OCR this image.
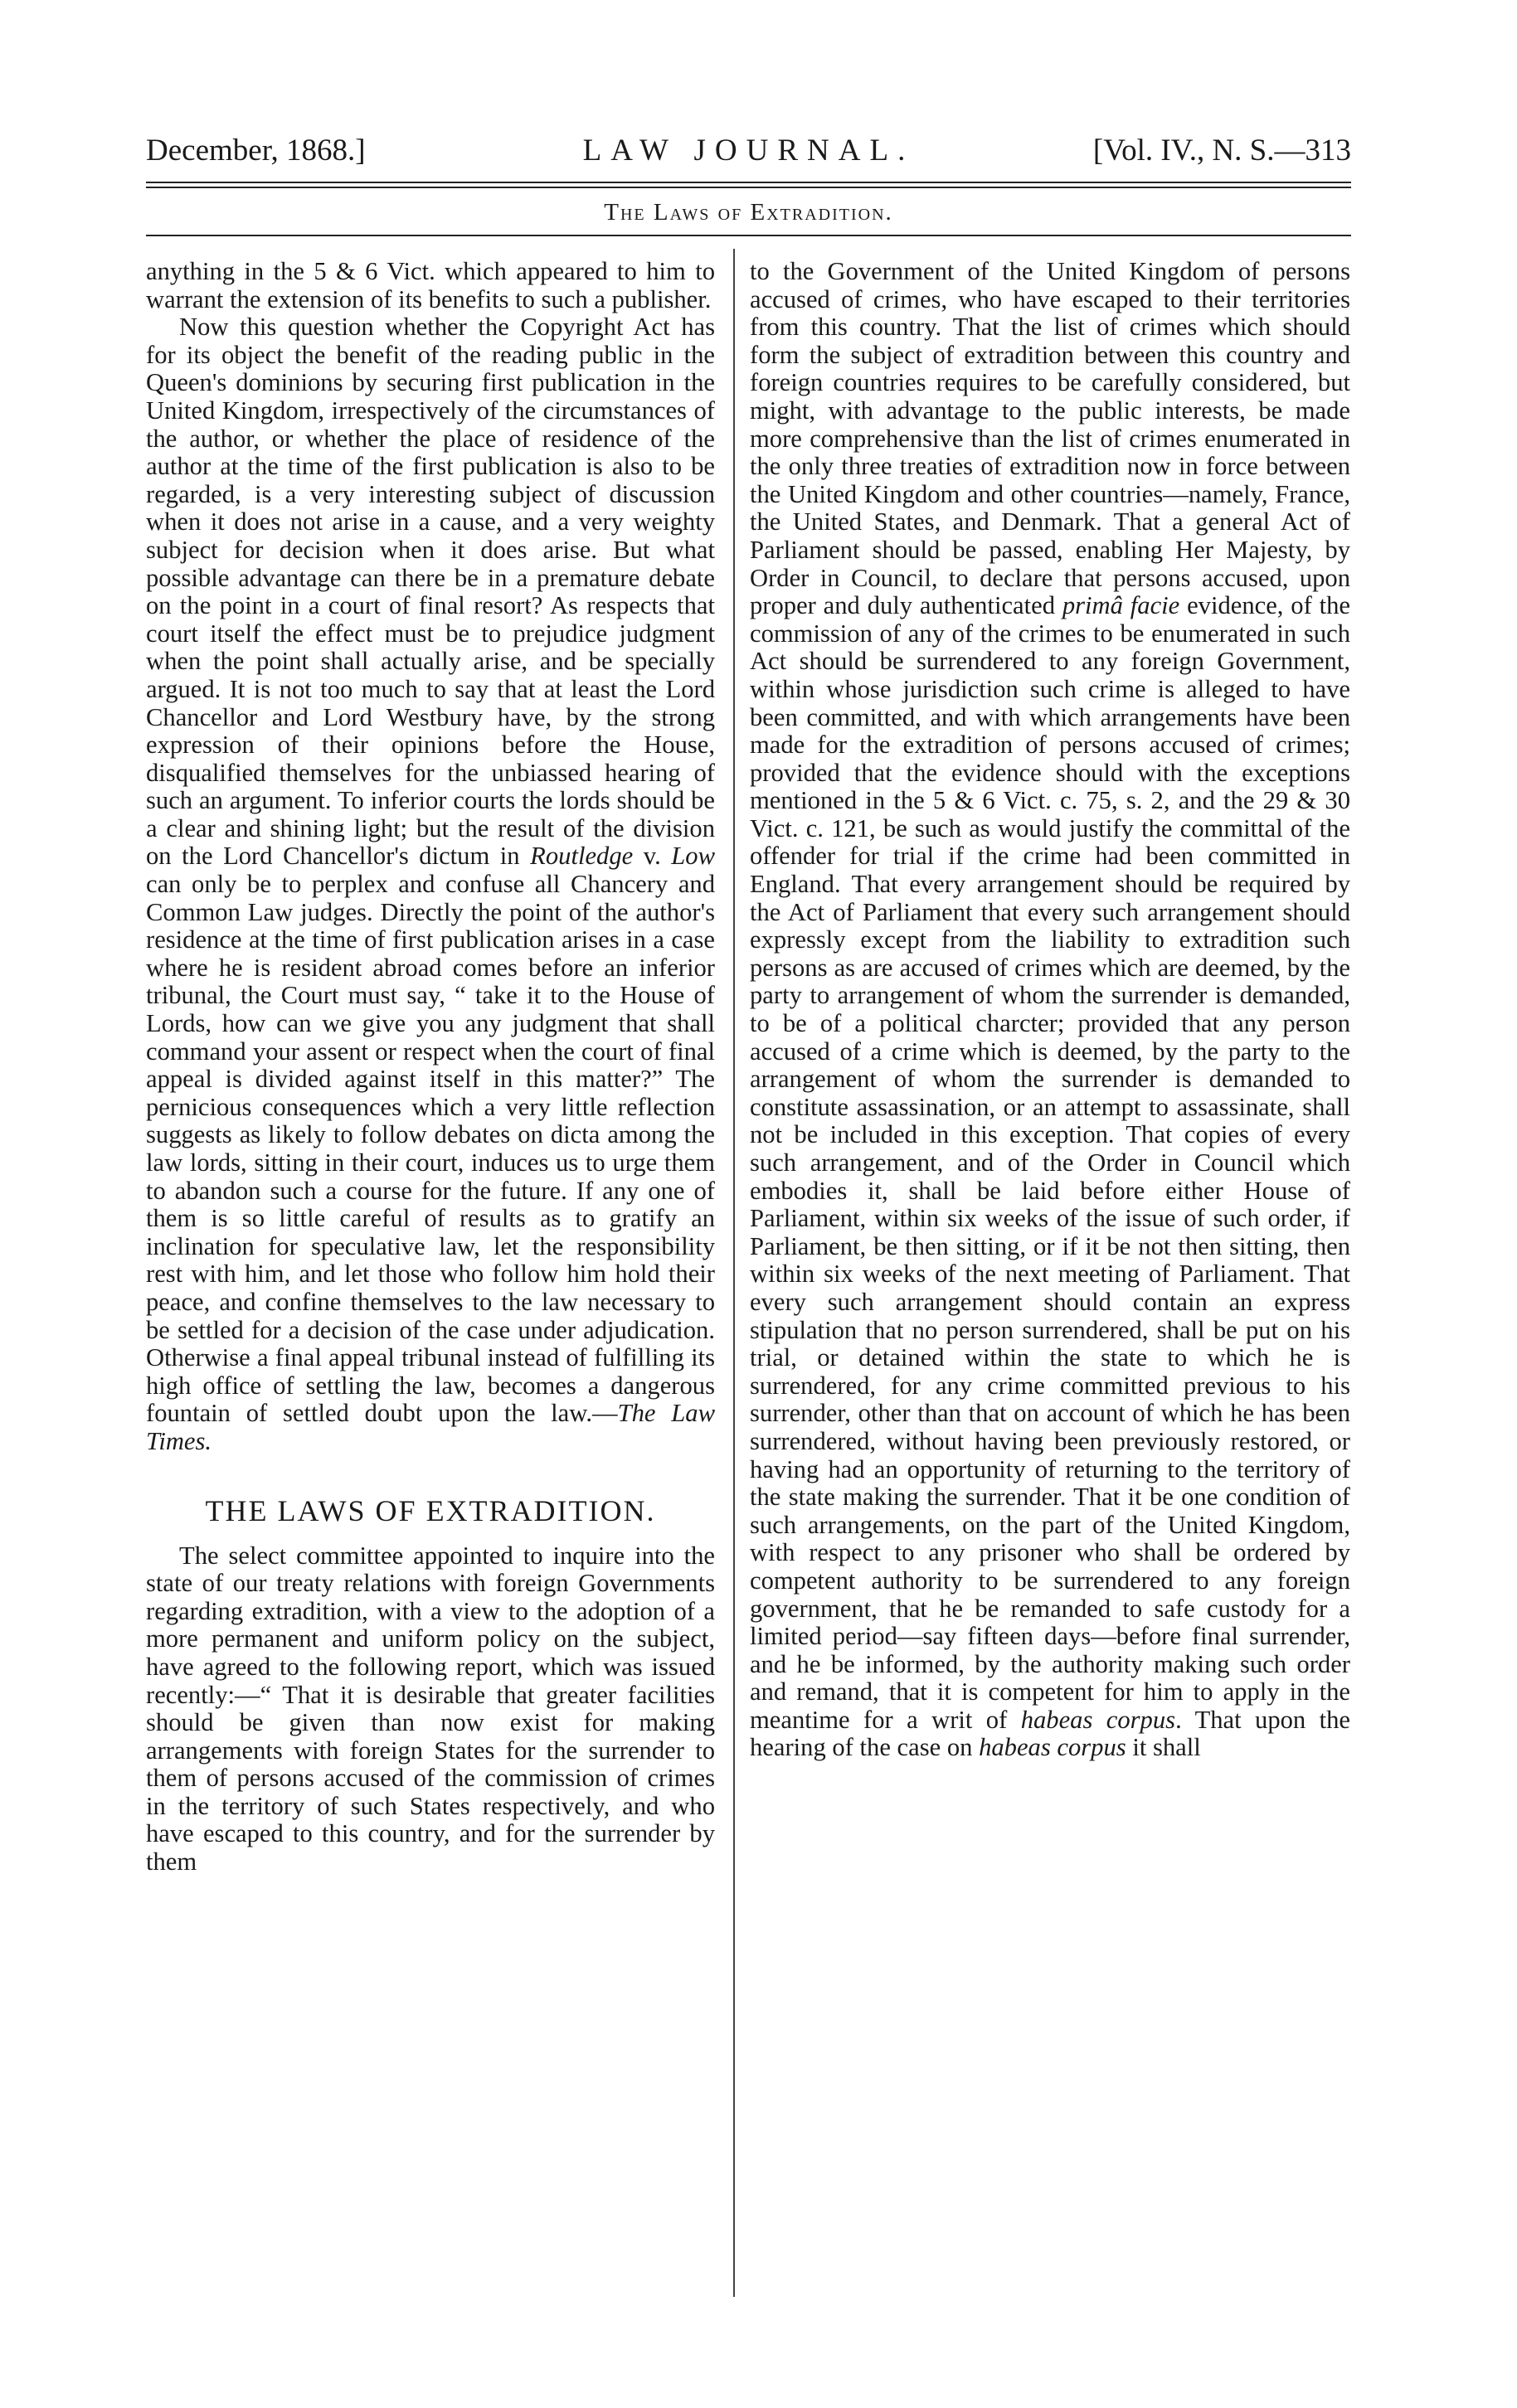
December, 1868.]	LAW JOURNAL.	[Vol. IV., N. S.—313
The Laws of Extradition.

anything in the 5 & 6 Vict. which appeared to him to warrant the extension of its benefits to such a publisher.

Now this question whether the Copyright Act has for its object the benefit of the reading public in the Queen's dominions by securing first publication in the United Kingdom, irrespectively of the circumstances of the author, or whether the place of residence of the author at the time of the first publication is also to be regarded, is a very interesting subject of discussion when it does not arise in a cause, and a very weighty subject for decision when it does arise. But what possible advantage can there be in a premature debate on the point in a court of final resort? As respects that court itself the effect must be to prejudice judgment when the point shall actually arise, and be specially argued. It is not too much to say that at least the Lord Chancellor and Lord Westbury have, by the strong expression of their opinions before the House, disqualified themselves for the unbiassed hearing of such an argument. To inferior courts the lords should be a clear and shining light; but the result of the division on the Lord Chancellor's dictum in Routledge v. Low can only be to perplex and confuse all Chancery and Common Law judges. Directly the point of the author's residence at the time of first publication arises in a case where he is resident abroad comes before an inferior tribunal, the Court must say, “ take it to the House of Lords, how can we give you any judgment that shall command your assent or respect when the court of final appeal is divided against itself in this matter?” The pernicious consequences which a very little reflection suggests as likely to follow debates on dicta among the law lords, sitting in their court, induces us to urge them to abandon such a course for the future. If any one of them is so little careful of results as to gratify an inclination for speculative law, let the responsibility rest with him, and let those who follow him hold their peace, and confine themselves to the law necessary to be settled for a decision of the case under adjudication. Otherwise a final appeal tribunal instead of fulfilling its high office of settling the law, becomes a dangerous fountain of settled doubt upon the law.—The Law Times.

THE LAWS OF EXTRADITION.

The select committee appointed to inquire into the state of our treaty relations with foreign Governments regarding extradition, with a view to the adoption of a more permanent and uniform policy on the subject, have agreed to the following report, which was issued recently:—“ That it is desirable that greater facilities should be given than now exist for making arrangements with foreign States for the surrender to them of persons accused of the commission of crimes in the territory of such States respectively, and who have escaped to this country, and for the surrender by them

to the Government of the United Kingdom of persons accused of crimes, who have escaped to their territories from this country. That the list of crimes which should form the subject of extradition between this country and foreign countries requires to be carefully considered, but might, with advantage to the public interests, be made more comprehensive than the list of crimes enumerated in the only three treaties of extradition now in force between the United Kingdom and other countries—namely, France, the United States, and Denmark. That a general Act of Parliament should be passed, enabling Her Majesty, by Order in Council, to declare that persons accused, upon proper and duly authenticated primâ facie evidence, of the commission of any of the crimes to be enumerated in such Act should be surrendered to any foreign Government, within whose jurisdiction such crime is alleged to have been committed, and with which arrangements have been made for the extradition of persons accused of crimes; provided that the evidence should with the exceptions mentioned in the 5 & 6 Vict. c. 75, s. 2, and the 29 & 30 Vict. c. 121, be such as would justify the committal of the offender for trial if the crime had been committed in England. That every arrangement should be required by the Act of Parliament that every such arrangement should expressly except from the liability to extradition such persons as are accused of crimes which are deemed, by the party to arrangement of whom the surrender is demanded, to be of a political charcter; provided that any person accused of a crime which is deemed, by the party to the arrangement of whom the surrender is demanded to constitute assassination, or an attempt to assassinate, shall not be included in this exception. That copies of every such arrangement, and of the Order in Council which embodies it, shall be laid before either House of Parliament, within six weeks of the issue of such order, if Parliament, be then sitting, or if it be not then sitting, then within six weeks of the next meeting of Parliament. That every such arrangement should contain an express stipulation that no person surrendered, shall be put on his trial, or detained within the state to which he is surrendered, for any crime committed previous to his surrender, other than that on account of which he has been surrendered, without having been previously restored, or having had an opportunity of returning to the territory of the state making the surrender. That it be one condition of such arrangements, on the part of the United Kingdom, with respect to any prisoner who shall be ordered by competent authority to be surrendered to any foreign government, that he be remanded to safe custody for a limited period—say fifteen days—before final surrender, and he be informed, by the authority making such order and remand, that it is competent for him to apply in the meantime for a writ of habeas corpus. That upon the hearing of the case on habeas corpus it shall
